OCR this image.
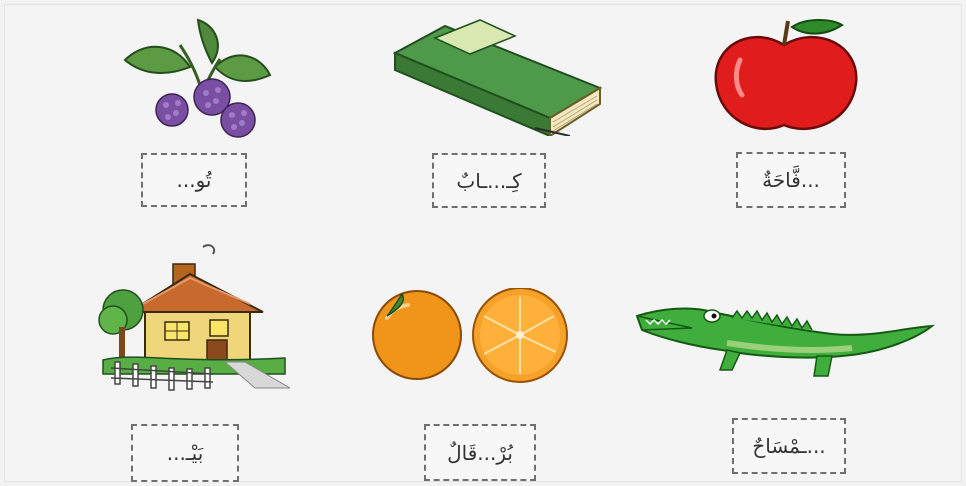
تُو...	كِـ...ـابٌ	...فَّاحَةٌ
بَيْـ...	بُرْ...قَالٌ	...ـمْسَاحٌ
